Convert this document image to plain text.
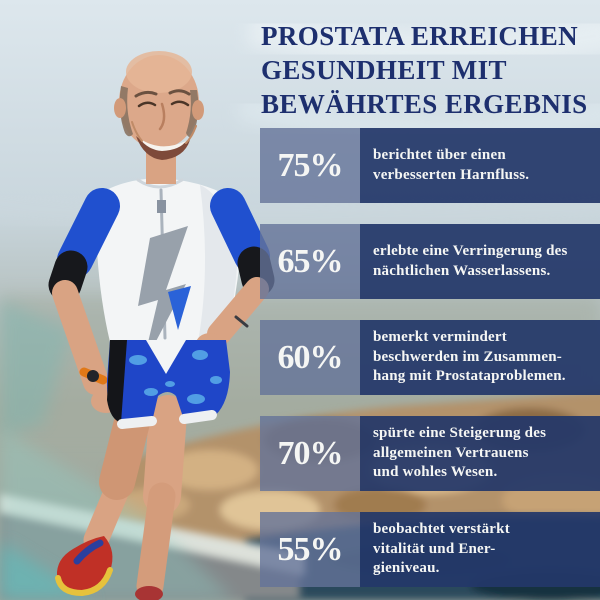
PROSTATA ERREICHEN
GESUNDHEIT MIT
BEWÄHRTES ERGEBNIS
75%	berichtet über einen
verbesserten Harnfluss.
65%	erlebte eine Verringerung des
nächtlichen Wasserlassens.
60%
bemerkt vermindert
beschwerden im Zusammen-
hang mit Prostataproblemen.
70%
spürte eine Steigerung des
allgemeinen Vertrauens
und wohles Wesen.
55%
beobachtet verstärkt
vitalität und Ener-
gieniveau.
